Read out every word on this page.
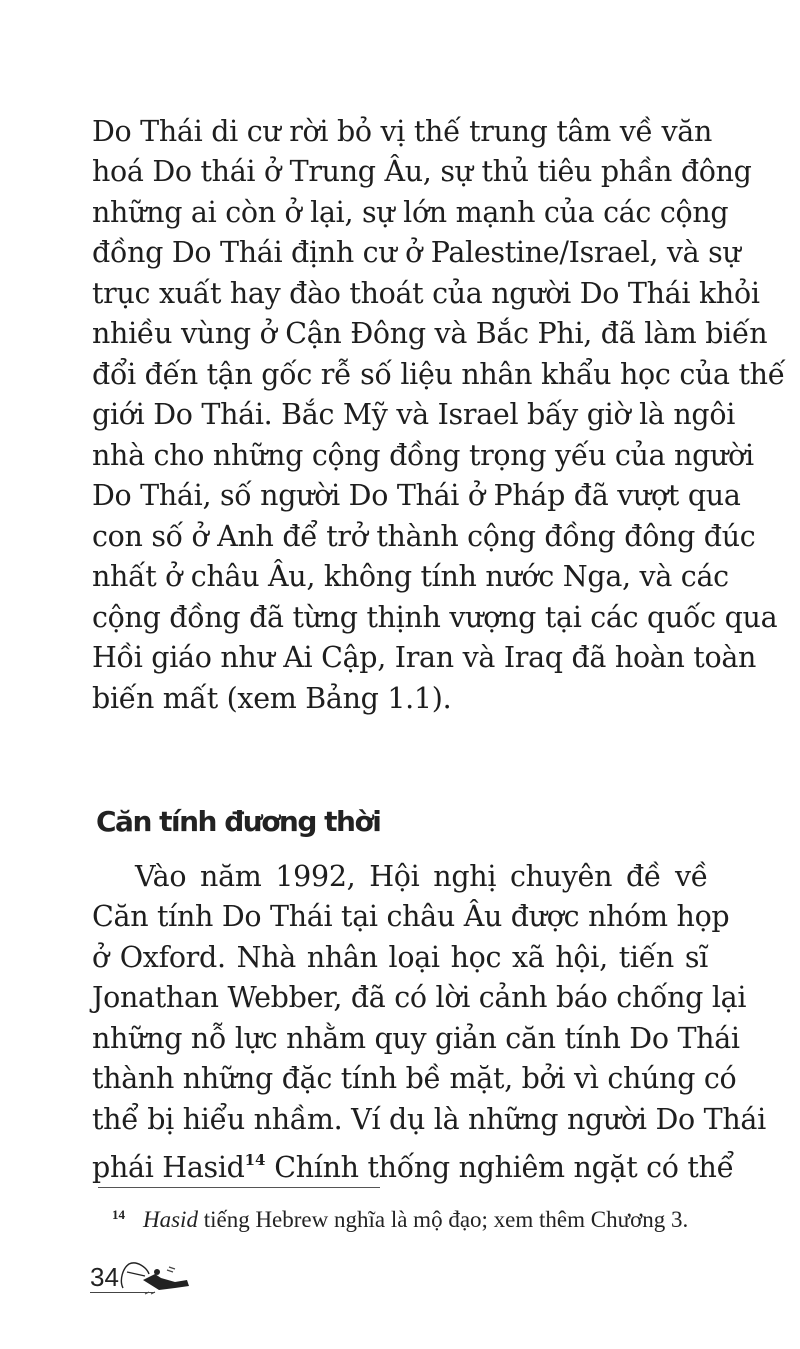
Do Thái di cư rời bỏ vị thế trung tâm về văn
hoá Do thái ở Trung Âu, sự thủ tiêu phần đông
những ai còn ở lại, sự lớn mạnh của các cộng
đồng Do Thái định cư ở Palestine/Israel, và sự
trục xuất hay đào thoát của người Do Thái khỏi
nhiều vùng ở Cận Đông và Bắc Phi, đã làm biến
đổi đến tận gốc rễ số liệu nhân khẩu học của thế
giới Do Thái. Bắc Mỹ và Israel bấy giờ là ngôi
nhà cho những cộng đồng trọng yếu của người
Do Thái, số người Do Thái ở Pháp đã vượt qua
con số ở Anh để trở thành cộng đồng đông đúc
nhất ở châu Âu, không tính nước Nga, và các
cộng đồng đã từng thịnh vượng tại các quốc qua
Hồi giáo như Ai Cập, Iran và Iraq đã hoàn toàn
biến mất (xem Bảng 1.1).
Căn tính đương thời
Vào năm 1992, Hội nghị chuyên đề về
Căn tính Do Thái tại châu Âu được nhóm họp
ở Oxford. Nhà nhân loại học xã hội, tiến sĩ
Jonathan Webber, đã có lời cảnh báo chống lại
những nỗ lực nhằm quy giản căn tính Do Thái
thành những đặc tính bề mặt, bởi vì chúng có
thể bị hiểu nhầm. Ví dụ là những người Do Thái
phái Hasid$^{14}$ Chính thống nghiêm ngặt có thể
$^{14}$ Hasid tiếng Hebrew nghĩa là mộ đạo; xem thêm Chương 3.
34
